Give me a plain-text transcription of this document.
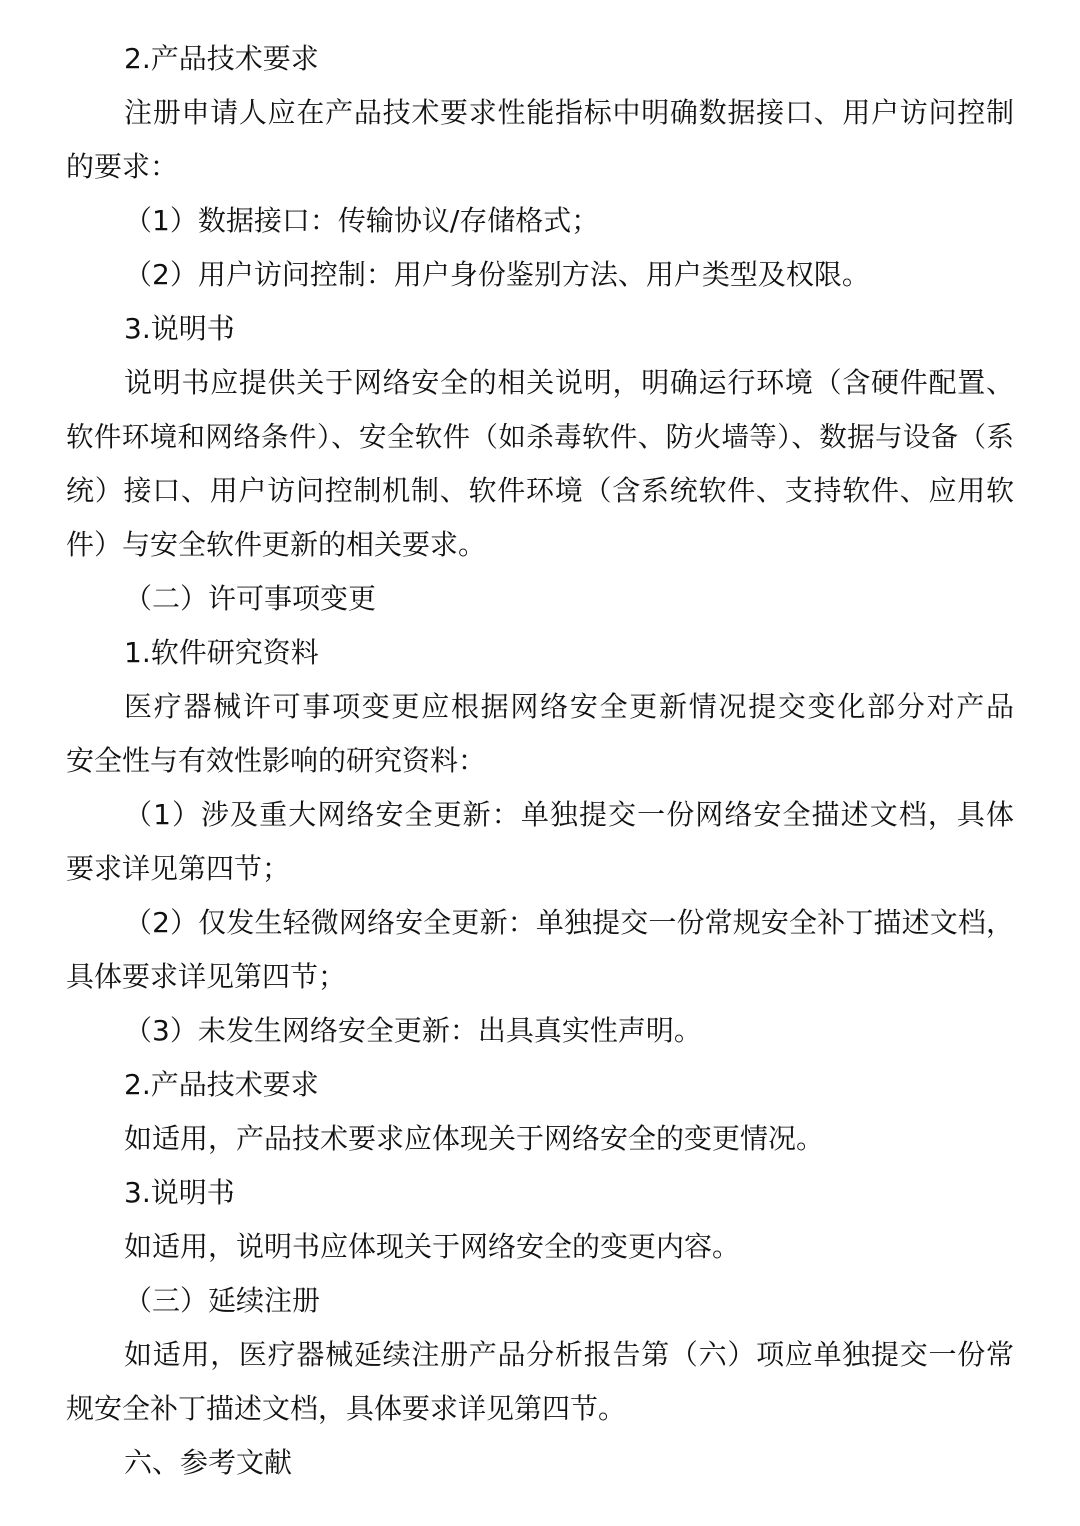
2.产品技术要求
注册申请人应在产品技术要求性能指标中明确数据接口、用户访问控制
的要求：
（1）数据接口：传输协议/存储格式；
（2）用户访问控制：用户身份鉴别方法、用户类型及权限。
3.说明书
说明书应提供关于网络安全的相关说明，明确运行环境（含硬件配置、
软件环境和网络条件）、安全软件（如杀毒软件、防火墙等）、数据与设备（系
统）接口、用户访问控制机制、软件环境（含系统软件、支持软件、应用软
件）与安全软件更新的相关要求。
（二）许可事项变更
1.软件研究资料
医疗器械许可事项变更应根据网络安全更新情况提交变化部分对产品
安全性与有效性影响的研究资料：
（1）涉及重大网络安全更新：单独提交一份网络安全描述文档，具体
要求详见第四节；
（2）仅发生轻微网络安全更新：单独提交一份常规安全补丁描述文档，
具体要求详见第四节；
（3）未发生网络安全更新：出具真实性声明。
2.产品技术要求
如适用，产品技术要求应体现关于网络安全的变更情况。
3.说明书
如适用，说明书应体现关于网络安全的变更内容。
（三）延续注册
如适用，医疗器械延续注册产品分析报告第（六）项应单独提交一份常
规安全补丁描述文档，具体要求详见第四节。
六、参考文献
